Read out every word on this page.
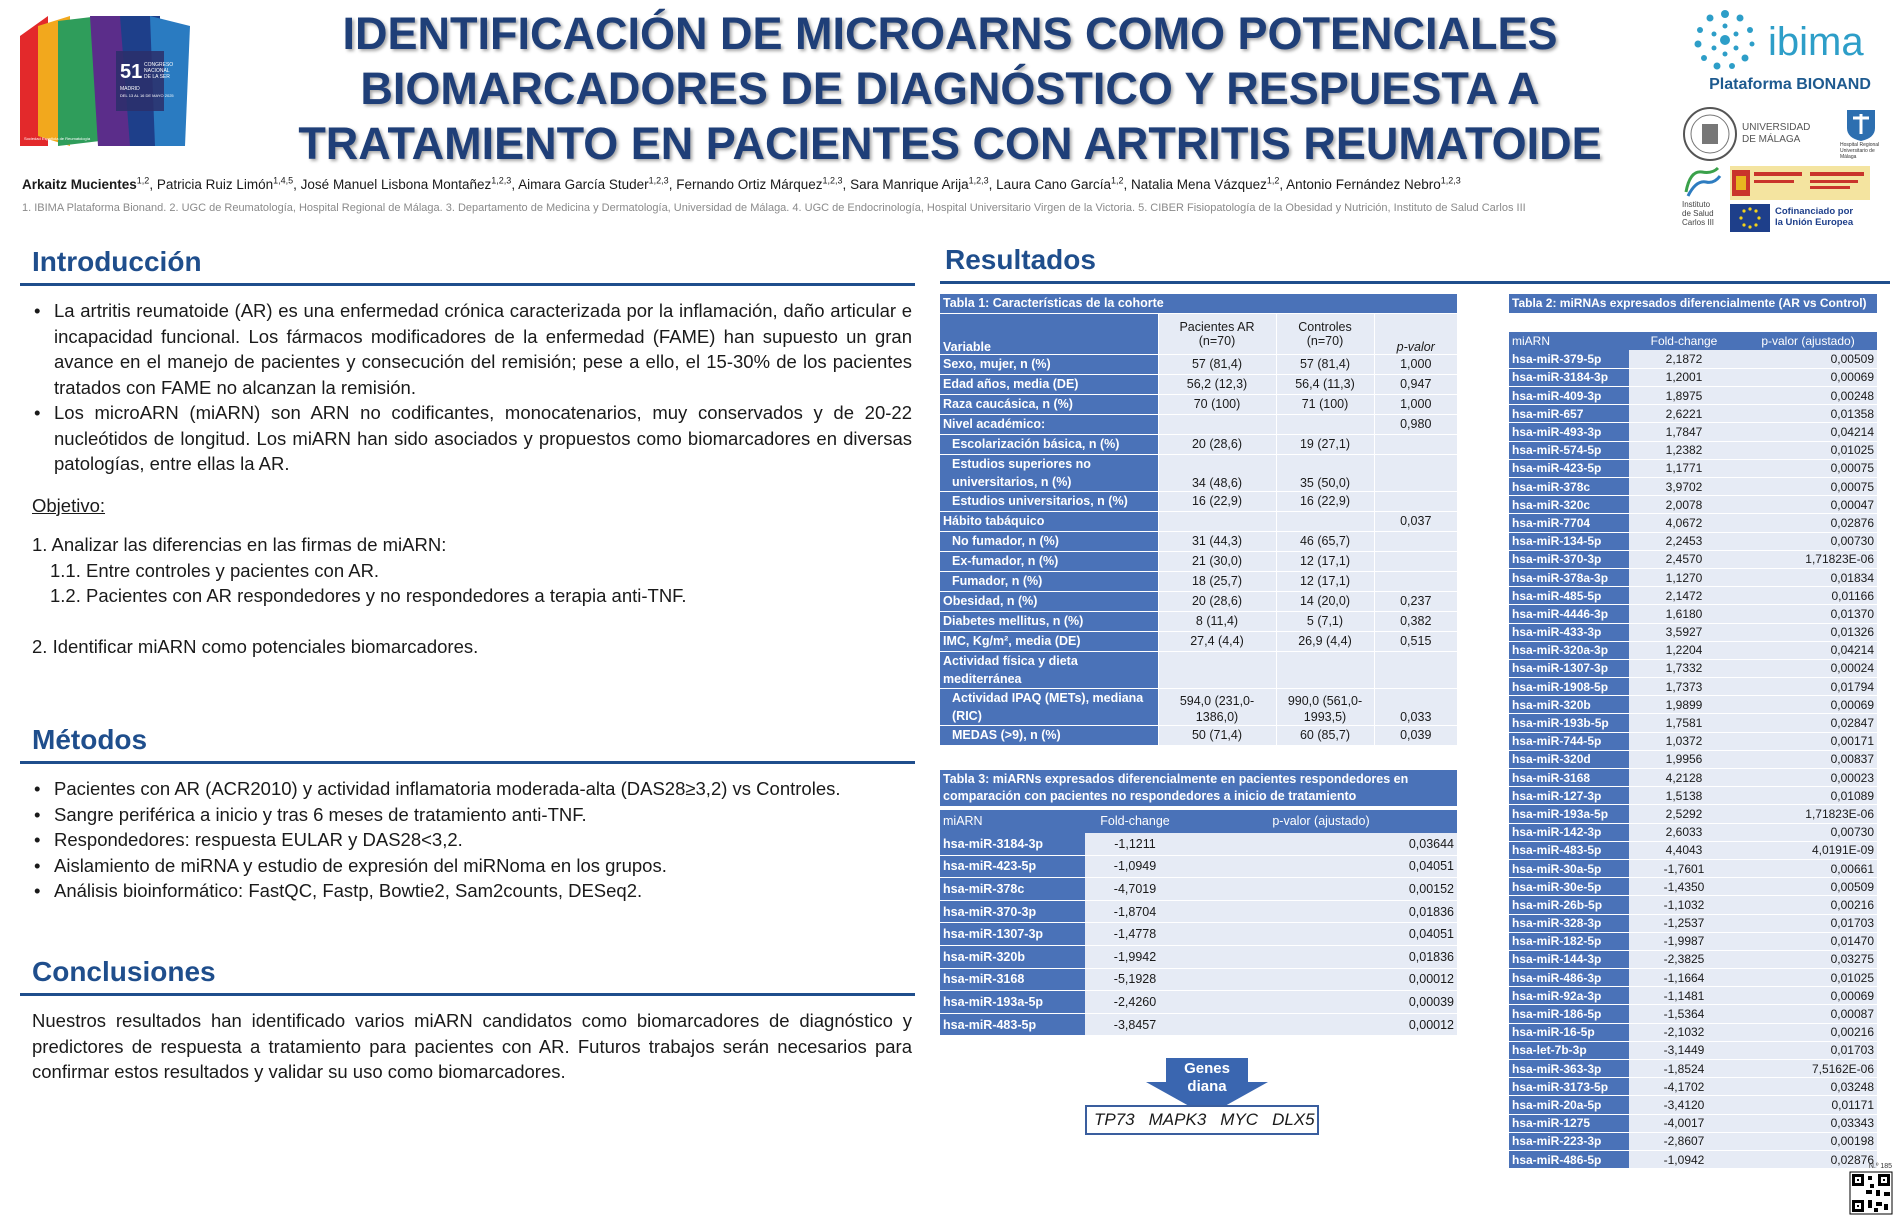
51 CONGRESO
NACIONAL
DE LA SER
MADRID
DEL 13 AL 16 DE MAYO 2025
Sociedad Española de Reumatología
IDENTIFICACIÓN DE MICROARNS COMO POTENCIALES
BIOMARCADORES DE DIAGNÓSTICO Y RESPUESTA A
TRATAMIENTO EN PACIENTES CON ARTRITIS REUMATOIDE
Arkaitz Mucientes$^{1,2}$, Patricia Ruiz Limón$^{1,4,5}$, José Manuel Lisbona Montañez$^{1,2,3}$, Aimara García Studer$^{1,2,3}$, Fernando Ortiz Márquez$^{1,2,3}$, Sara Manrique Arija$^{1,2,3}$, Laura Cano García$^{1,2}$, Natalia Mena Vázquez$^{1,2}$, Antonio Fernández Nebro$^{1,2,3}$
1. IBIMA Plataforma Bionand. 2. UGC de Reumatología, Hospital Regional de Málaga. 3. Departamento de Medicina y Dermatología, Universidad de Málaga. 4. UGC de Endocrinología, Hospital Universitario Virgen de la Victoria. 5. CIBER Fisiopatología de la Obesidad y Nutrición, Instituto de Salud Carlos III
ibima
Plataforma BIONAND
UNIVERSIDAD
DE MÁLAGA	Hospital Regional Universitario de Málaga
Instituto
de Salud
Carlos III
Cofinanciado por
la Unión Europea
Introducción
• La artritis reumatoide (AR) es una enfermedad crónica caracterizada por la inflamación, daño articular e incapacidad funcional. Los fármacos modificadores de la enfermedad (FAME) han supuesto un gran avance en el manejo de pacientes y consecución del remisión; pese a ello, el 15-30% de los pacientes tratados con FAME no alcanzan la remisión.
• Los microARN (miARN) son ARN no codificantes, monocatenarios, muy conservados y de 20-22 nucleótidos de longitud. Los miARN han sido asociados y propuestos como biomarcadores en diversas patologías, entre ellas la AR.
Objetivo:
1. Analizar las diferencias en las firmas de miARN:
1.1. Entre controles y pacientes con AR.
1.2. Pacientes con AR respondedores y no respondedores a terapia anti-TNF.
2. Identificar miARN como potenciales biomarcadores.
Métodos
• Pacientes con AR (ACR2010) y actividad inflamatoria moderada-alta (DAS28≥3,2) vs Controles.
• Sangre periférica a inicio y tras 6 meses de tratamiento anti-TNF.
• Respondedores: respuesta EULAR y DAS28<3,2.
• Aislamiento de miRNA y estudio de expresión del miRNoma en los grupos.
• Análisis bioinformático: FastQC, Fastp, Bowtie2, Sam2counts, DESeq2.
Conclusiones
Nuestros resultados han identificado varios miARN candidatos como biomarcadores de diagnóstico y predictores de respuesta a tratamiento para pacientes con AR. Futuros trabajos serán necesarios para confirmar estos resultados y validar su uso como biomarcadores.
Resultados
Tabla 1: Características de la cohorte
Variable	Pacientes AR (n=70)	Controles (n=70)	p-valor
Sexo, mujer, n (%)	57 (81,4)	57 (81,4)	1,000
Edad años, media (DE)	56,2 (12,3)	56,4 (11,3)	0,947
Raza caucásica, n (%)	70 (100)	71 (100)	1,000
Nivel académico:			0,980
Escolarización básica, n (%)	20 (28,6)	19 (27,1)	
Estudios superiores no universitarios, n (%)	34 (48,6)	35 (50,0)	
Estudios universitarios, n (%)	16 (22,9)	16 (22,9)	
Hábito tabáquico			0,037
No fumador, n (%)	31 (44,3)	46 (65,7)	
Ex-fumador, n (%)	21 (30,0)	12 (17,1)	
Fumador, n (%)	18 (25,7)	12 (17,1)	
Obesidad, n (%)	20 (28,6)	14 (20,0)	0,237
Diabetes mellitus, n (%)	8 (11,4)	5 (7,1)	0,382
IMC, Kg/m², media (DE)	27,4 (4,4)	26,9 (4,4)	0,515
Actividad física y dieta mediterránea			
Actividad IPAQ (METs), mediana (RIC)	594,0 (231,0-1386,0)	990,0 (561,0-1993,5)	0,033
MEDAS (>9), n (%)	50 (71,4)	60 (85,7)	0,039
Tabla 3: miARNs expresados diferencialmente en pacientes respondedores en comparación con pacientes no respondedores a inicio de tratamiento
miARN	Fold-change	p-valor (ajustado)
hsa-miR-3184-3p	-1,1211	0,03644
hsa-miR-423-5p	-1,0949	0,04051
hsa-miR-378c	-4,7019	0,00152
hsa-miR-370-3p	-1,8704	0,01836
hsa-miR-1307-3p	-1,4778	0,04051
hsa-miR-320b	-1,9942	0,01836
hsa-miR-3168	-5,1928	0,00012
hsa-miR-193a-5p	-2,4260	0,00039
hsa-miR-483-5p	-3,8457	0,00012
Genes
diana
TP73 MAPK3 MYC DLX5
Tabla 2: miRNAs expresados diferencialmente (AR vs Control)
miARN	Fold-change	p-valor (ajustado)
hsa-miR-379-5p	2,1872	0,00509
hsa-miR-3184-3p	1,2001	0,00069
hsa-miR-409-3p	1,8975	0,00248
hsa-miR-657	2,6221	0,01358
hsa-miR-493-3p	1,7847	0,04214
hsa-miR-574-5p	1,2382	0,01025
hsa-miR-423-5p	1,1771	0,00075
hsa-miR-378c	3,9702	0,00075
hsa-miR-320c	2,0078	0,00047
hsa-miR-7704	4,0672	0,02876
hsa-miR-134-5p	2,2453	0,00730
hsa-miR-370-3p	2,4570	1,71823E-06
hsa-miR-378a-3p	1,1270	0,01834
hsa-miR-485-5p	2,1472	0,01166
hsa-miR-4446-3p	1,6180	0,01370
hsa-miR-433-3p	3,5927	0,01326
hsa-miR-320a-3p	1,2204	0,04214
hsa-miR-1307-3p	1,7332	0,00024
hsa-miR-1908-5p	1,7373	0,01794
hsa-miR-320b	1,9899	0,00069
hsa-miR-193b-5p	1,7581	0,02847
hsa-miR-744-5p	1,0372	0,00171
hsa-miR-320d	1,9956	0,00837
hsa-miR-3168	4,2128	0,00023
hsa-miR-127-3p	1,5138	0,01089
hsa-miR-193a-5p	2,5292	1,71823E-06
hsa-miR-142-3p	2,6033	0,00730
hsa-miR-483-5p	4,4043	4,0191E-09
hsa-miR-30a-5p	-1,7601	0,00661
hsa-miR-30e-5p	-1,4350	0,00509
hsa-miR-26b-5p	-1,1032	0,00216
hsa-miR-328-3p	-1,2537	0,01703
hsa-miR-182-5p	-1,9987	0,01470
hsa-miR-144-3p	-2,3825	0,03275
hsa-miR-486-3p	-1,1664	0,01025
hsa-miR-92a-3p	-1,1481	0,00069
hsa-miR-186-5p	-1,5364	0,00087
hsa-miR-16-5p	-2,1032	0,00216
hsa-let-7b-3p	-3,1449	0,01703
hsa-miR-363-3p	-1,8524	7,5162E-06
hsa-miR-3173-5p	-4,1702	0,03248
hsa-miR-20a-5p	-3,4120	0,01171
hsa-miR-1275	-4,0017	0,03343
hsa-miR-223-3p	-2,8607	0,00198
hsa-miR-486-5p	-1,0942	0,02876
N.º 185
